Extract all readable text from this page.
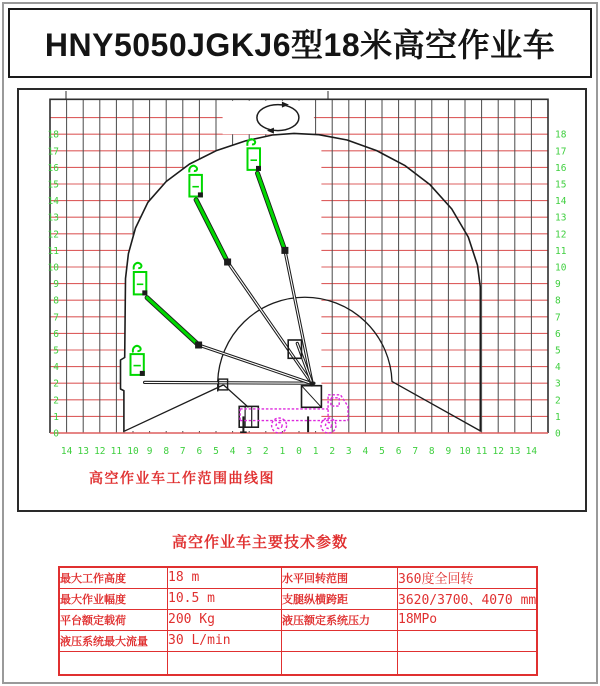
HNY5050JGKJ6型18米高空作业车
18
17
16
15
14
13
12
11
10
9
8
7
6
5
4
2
2
1
0
18
17
16
15
14
13
12
11
10
9
8
7
6
5
4
3
2
1
0
14 13 12 11 10 9 8 7 6 5 4 3 2 1 0 1 2 3 4 5 6 7 8 9 10 11 12 13 14
高空作业车工作范围曲线图
高空作业车主要技术参数
最大工作高度	18 m	水平回转范围	360度全回转
最大作业幅度	10.5 m	支腿纵横跨距	3620/3700、4070 mm
平台额定载荷	200 Kg	液压额定系统压力	18MPo
液压系统最大流量	30 L/min		
